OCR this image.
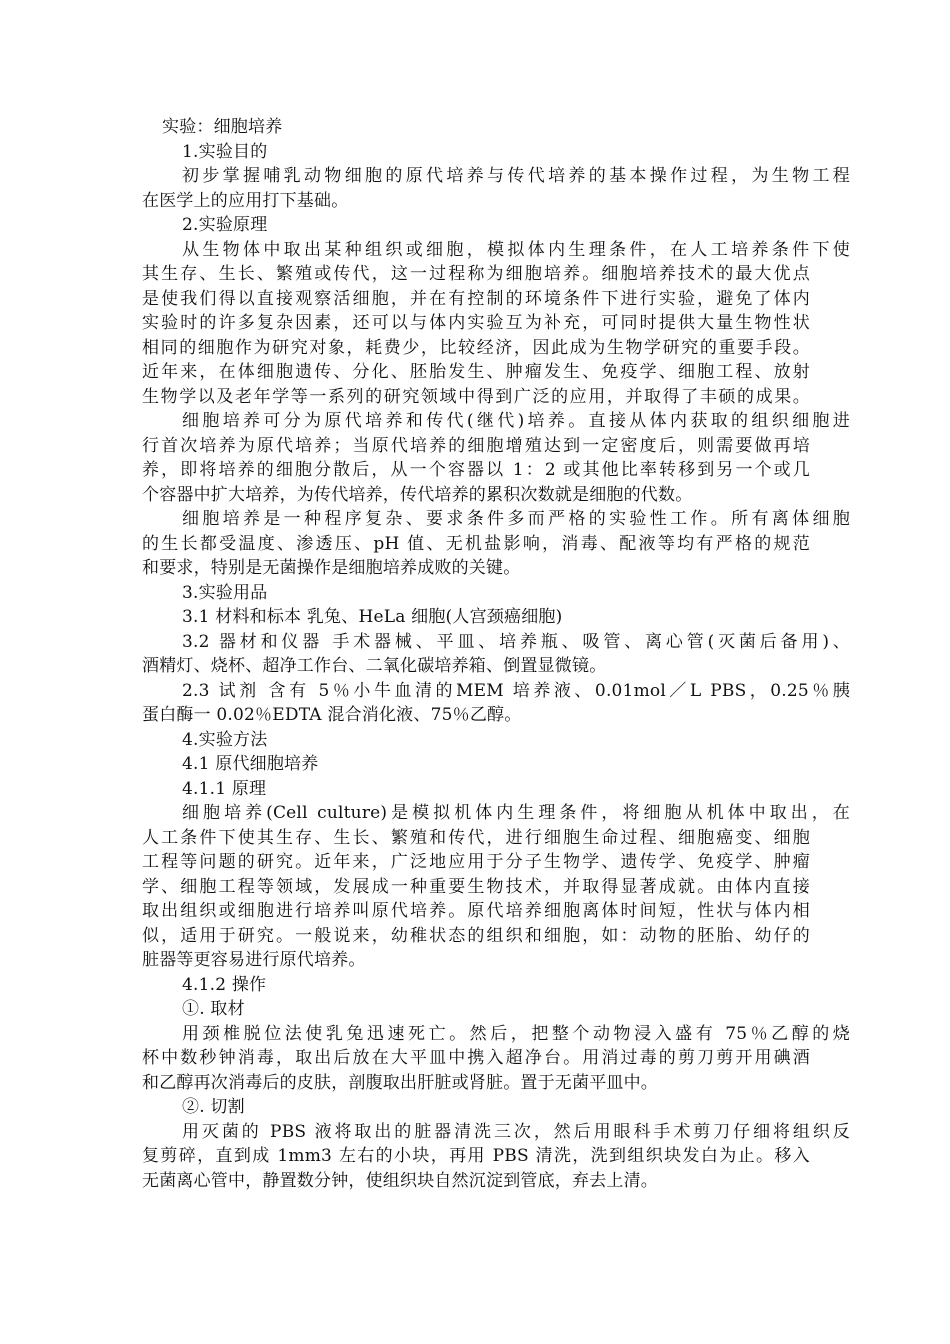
实验：细胞培养
1.实验目的
初步掌握哺乳动物细胞的原代培养与传代培养的基本操作过程，为生物工程
在医学上的应用打下基础。
2.实验原理
从生物体中取出某种组织或细胞，模拟体内生理条件，在人工培养条件下使
其生存、生长、繁殖或传代，这一过程称为细胞培养。细胞培养技术的最大优点
是使我们得以直接观察活细胞，并在有控制的环境条件下进行实验，避免了体内
实验时的许多复杂因素，还可以与体内实验互为补充，可同时提供大量生物性状
相同的细胞作为研究对象，耗费少，比较经济，因此成为生物学研究的重要手段。
近年来，在体细胞遗传、分化、胚胎发生、肿瘤发生、免疫学、细胞工程、放射
生物学以及老年学等一系列的研究领域中得到广泛的应用，并取得了丰硕的成果。
细胞培养可分为原代培养和传代(继代)培养。直接从体内获取的组织细胞进
行首次培养为原代培养；当原代培养的细胞增殖达到一定密度后，则需要做再培
养，即将培养的细胞分散后，从一个容器以 1：2 或其他比率转移到另一个或几
个容器中扩大培养，为传代培养，传代培养的累积次数就是细胞的代数。
细胞培养是一种程序复杂、要求条件多而严格的实验性工作。所有离体细胞
的生长都受温度、渗透压、pH 值、无机盐影响，消毒、配液等均有严格的规范
和要求，特别是无菌操作是细胞培养成败的关键。
3.实验用品
3.1 材料和标本 乳兔、HeLa 细胞(人宫颈癌细胞)
3.2 器材和仪器 手术器械、平皿、培养瓶、吸管、离心管(灭菌后备用)、
酒精灯、烧杯、超净工作台、二氧化碳培养箱、倒置显微镜。
2.3 试剂 含有 5％小牛血清的MEM 培养液、0.01mol／L PBS，0.25％胰
蛋白酶一 0.02％EDTA 混合消化液、75％乙醇。
4.实验方法
4.1 原代细胞培养
4.1.1 原理
细胞培养(Cell culture)是模拟机体内生理条件，将细胞从机体中取出，在
人工条件下使其生存、生长、繁殖和传代，进行细胞生命过程、细胞癌变、细胞
工程等问题的研究。近年来，广泛地应用于分子生物学、遗传学、免疫学、肿瘤
学、细胞工程等领域，发展成一种重要生物技术，并取得显著成就。由体内直接
取出组织或细胞进行培养叫原代培养。原代培养细胞离体时间短，性状与体内相
似，适用于研究。一般说来，幼稚状态的组织和细胞，如：动物的胚胎、幼仔的
脏器等更容易进行原代培养。
4.1.2 操作
①. 取材
用颈椎脱位法使乳兔迅速死亡。然后，把整个动物浸入盛有 75％乙醇的烧
杯中数秒钟消毒，取出后放在大平皿中携入超净台。用消过毒的剪刀剪开用碘酒
和乙醇再次消毒后的皮肤，剖腹取出肝脏或肾脏。置于无菌平皿中。
②. 切割
用灭菌的 PBS 液将取出的脏器清洗三次，然后用眼科手术剪刀仔细将组织反
复剪碎，直到成 1mm3 左右的小块，再用 PBS 清洗，洗到组织块发白为止。移入
无菌离心管中，静置数分钟，使组织块自然沉淀到管底，弃去上清。
